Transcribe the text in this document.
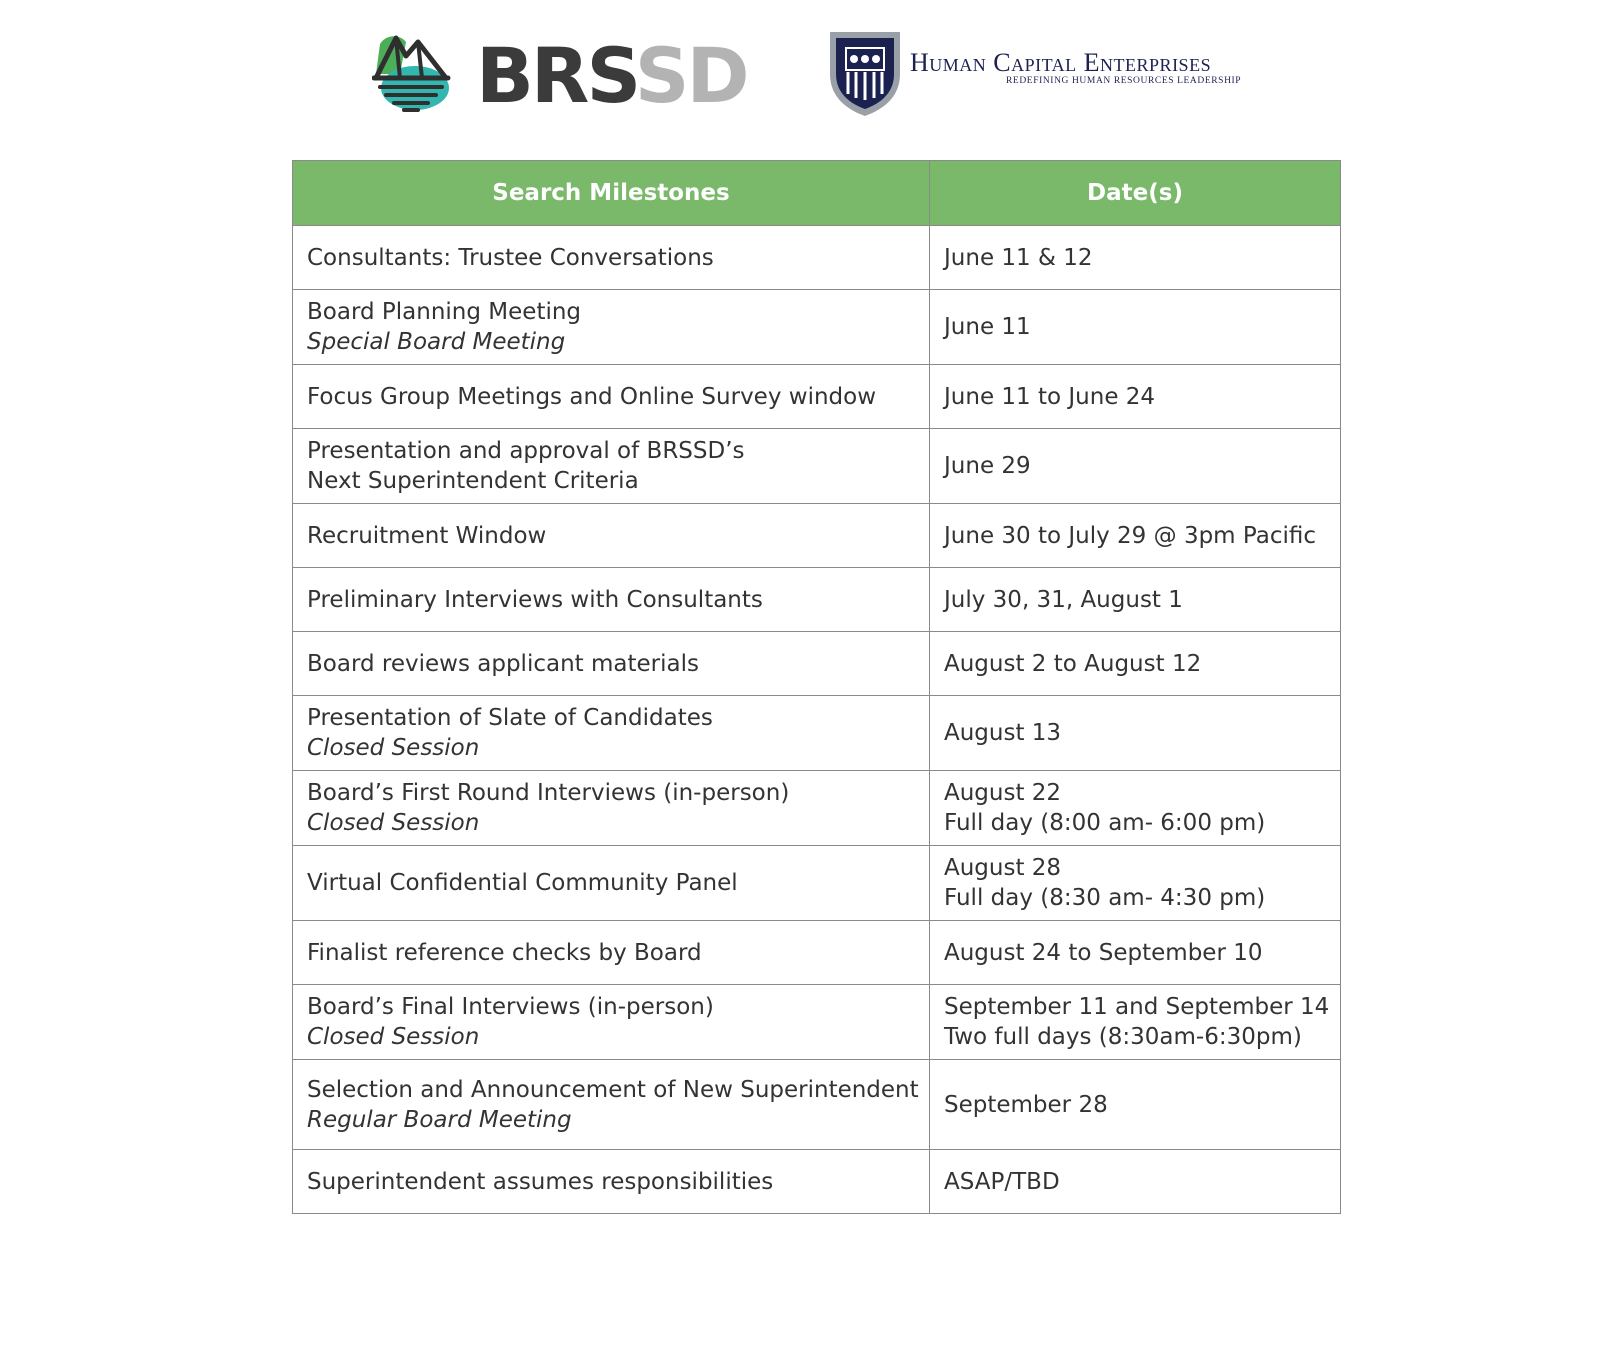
BRSSD	Human Capital Enterprises
REDEFINING HUMAN RESOURCES LEADERSHIP
Search Milestones	Date(s)

Consultants: Trustee Conversations	June 11 & 12

Board Planning Meeting
Special Board Meeting	June 11

Focus Group Meetings and Online Survey window	June 11 to June 24

Presentation and approval of BRSSD’s
Next Superintendent Criteria	June 29

Recruitment Window	June 30 to July 29 @ 3pm Pacific

Preliminary Interviews with Consultants	July 30, 31, August 1

Board reviews applicant materials	August 2 to August 12

Presentation of Slate of Candidates
Closed Session	August 13

Board’s First Round Interviews (in-person)
Closed Session	August 22
Full day (8:00 am- 6:00 pm)

Virtual Confidential Community Panel	August 28
Full day (8:30 am- 4:30 pm)

Finalist reference checks by Board	August 24 to September 10

Board’s Final Interviews (in-person)
Closed Session	September 11 and September 14
Two full days (8:30am-6:30pm)

Selection and Announcement of New Superintendent
Regular Board Meeting	September 28

Superintendent assumes responsibilities	ASAP/TBD
